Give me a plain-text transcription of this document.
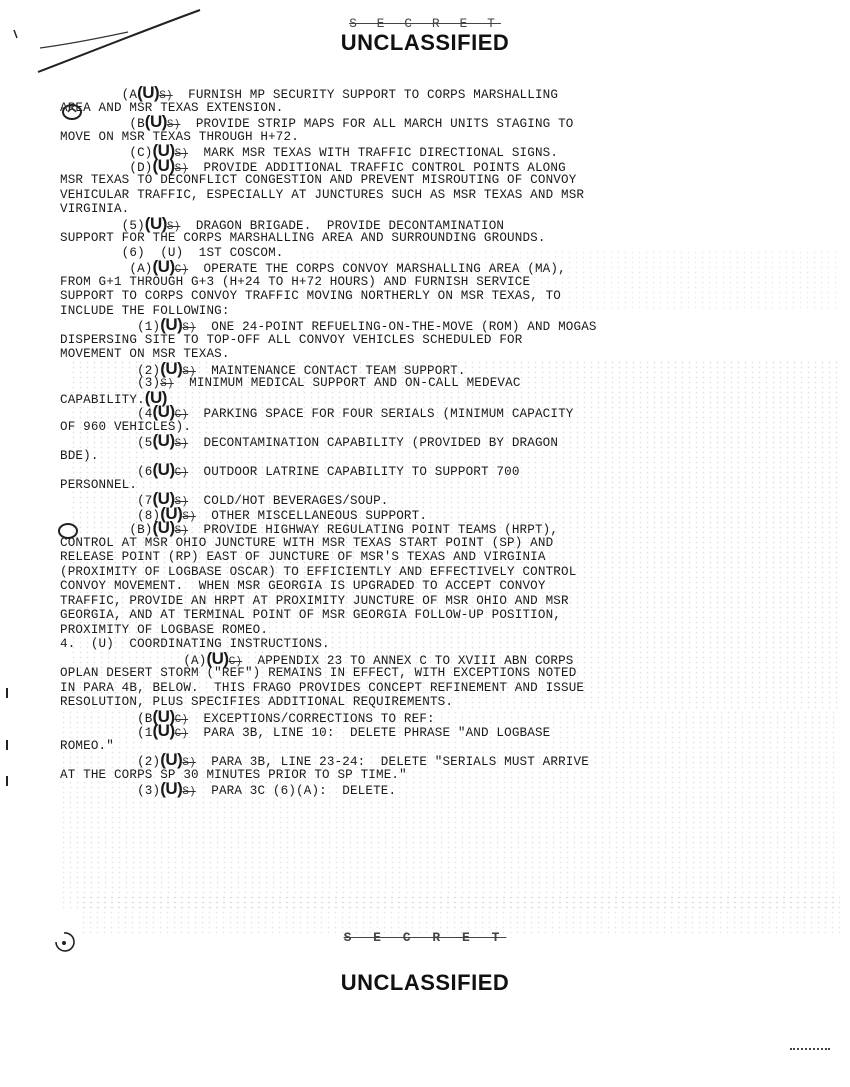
S E C R E T
UNCLASSIFIED
(A(U)S)  FURNISH MP SECURITY SUPPORT TO CORPS MARSHALLING
AREA AND MSR TEXAS EXTENSION.
(B(U)S)  PROVIDE STRIP MAPS FOR ALL MARCH UNITS STAGING TO
MOVE ON MSR TEXAS THROUGH H+72.
(C)(U)S)  MARK MSR TEXAS WITH TRAFFIC DIRECTIONAL SIGNS.
(D)(U)S)  PROVIDE ADDITIONAL TRAFFIC CONTROL POINTS ALONG
MSR TEXAS TO DECONFLICT CONGESTION AND PREVENT MISROUTING OF CONVOY
VEHICULAR TRAFFIC, ESPECIALLY AT JUNCTURES SUCH AS MSR TEXAS AND MSR
VIRGINIA.
(5)(U)S)  DRAGON BRIGADE.  PROVIDE DECONTAMINATION
SUPPORT FOR THE CORPS MARSHALLING AREA AND SURROUNDING GROUNDS.
(6)  (U)  1ST COSCOM.
(A)(U)C)  OPERATE THE CORPS CONVOY MARSHALLING AREA (MA),
FROM G+1 THROUGH G+3 (H+24 TO H+72 HOURS) AND FURNISH SERVICE
SUPPORT TO CORPS CONVOY TRAFFIC MOVING NORTHERLY ON MSR TEXAS, TO
INCLUDE THE FOLLOWING:
(1)(U)S)  ONE 24-POINT REFUELING-ON-THE-MOVE (ROM) AND MOGAS
DISPERSING SITE TO TOP-OFF ALL CONVOY VEHICLES SCHEDULED FOR
MOVEMENT ON MSR TEXAS.
(2)(U)S)  MAINTENANCE CONTACT TEAM SUPPORT.
(3)S)  MINIMUM MEDICAL SUPPORT AND ON-CALL MEDEVAC
CAPABILITY.(U)
(4(U)C)  PARKING SPACE FOR FOUR SERIALS (MINIMUM CAPACITY
OF 960 VEHICLES).
(5(U)S)  DECONTAMINATION CAPABILITY (PROVIDED BY DRAGON
BDE).
(6(U)C)  OUTDOOR LATRINE CAPABILITY TO SUPPORT 700
PERSONNEL.
(7(U)S)  COLD/HOT BEVERAGES/SOUP.
(8)(U)S)  OTHER MISCELLANEOUS SUPPORT.
(B)(U)S)  PROVIDE HIGHWAY REGULATING POINT TEAMS (HRPT),
CONTROL AT MSR OHIO JUNCTURE WITH MSR TEXAS START POINT (SP) AND
RELEASE POINT (RP) EAST OF JUNCTURE OF MSR'S TEXAS AND VIRGINIA
(PROXIMITY OF LOGBASE OSCAR) TO EFFICIENTLY AND EFFECTIVELY CONTROL
CONVOY MOVEMENT.  WHEN MSR GEORGIA IS UPGRADED TO ACCEPT CONVOY
TRAFFIC, PROVIDE AN HRPT AT PROXIMITY JUNCTURE OF MSR OHIO AND MSR
GEORGIA, AND AT TERMINAL POINT OF MSR GEORGIA FOLLOW-UP POSITION,
PROXIMITY OF LOGBASE ROMEO.
4.  (U)  COORDINATING INSTRUCTIONS.
(A)(U)C)  APPENDIX 23 TO ANNEX C TO XVIII ABN CORPS
OPLAN DESERT STORM ("REF") REMAINS IN EFFECT, WITH EXCEPTIONS NOTED
IN PARA 4B, BELOW.  THIS FRAGO PROVIDES CONCEPT REFINEMENT AND ISSUE
RESOLUTION, PLUS SPECIFIES ADDITIONAL REQUIREMENTS.
(B(U)C)  EXCEPTIONS/CORRECTIONS TO REF:
(1(U)C)  PARA 3B, LINE 10:  DELETE PHRASE "AND LOGBASE
ROMEO."
(2)(U)S)  PARA 3B, LINE 23-24:  DELETE "SERIALS MUST ARRIVE
AT THE CORPS SP 30 MINUTES PRIOR TO SP TIME."
(3)(U)S)  PARA 3C (6)(A):  DELETE.
S E C R E T
UNCLASSIFIED
